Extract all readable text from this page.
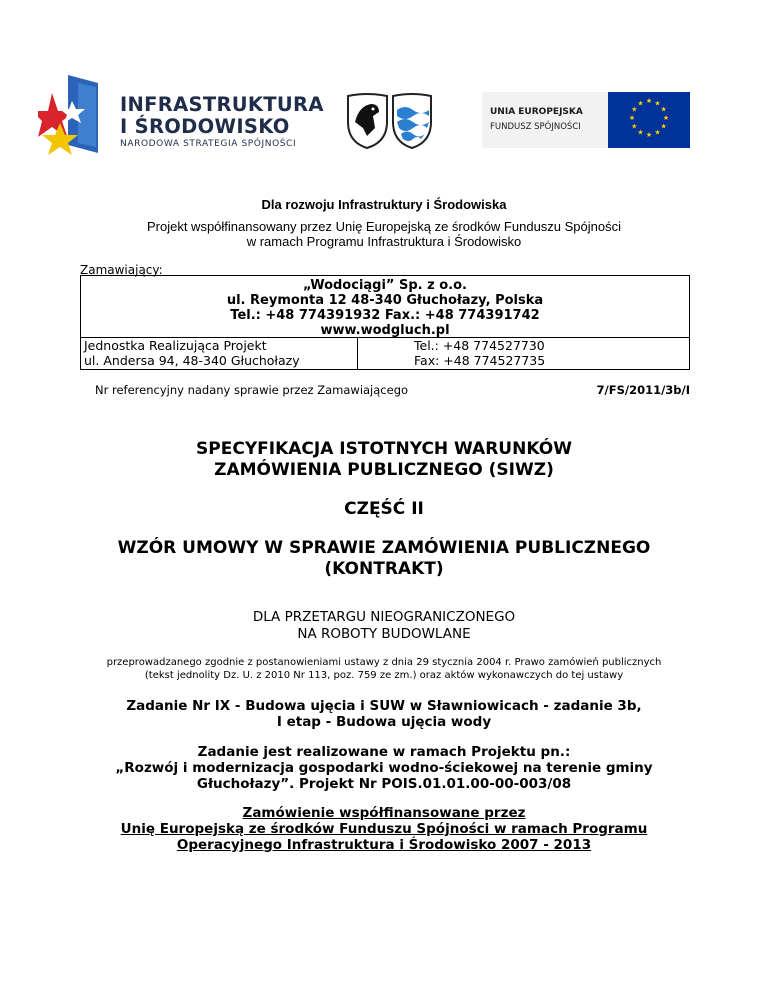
INFRASTRUKTURA
I ŚRODOWISKO
NARODOWA STRATEGIA SPÓJNOŚCI
UNIA EUROPEJSKA
FUNDUSZ SPÓJNOŚCI
★ ★
★
★
★
★
★
★
★
★
★
★
Dla rozwoju Infrastruktury i Środowiska
Projekt współfinansowany przez Unię Europejską ze środków Funduszu Spójności
w ramach Programu Infrastruktura i Środowisko
Zamawiający:
„Wodociągi” Sp. z o.o.
ul. Reymonta 12 48-340 Głuchołazy, Polska
Tel.: +48 774391932 Fax.: +48 774391742
www.wodgluch.pl
Jednostka Realizująca Projekt
ul. Andersa 94, 48-340 Głuchołazy
Tel.: +48 774527730
Fax: +48 774527735
Nr referencyjny nadany sprawie przez Zamawiającego	7/FS/2011/3b/I
SPECYFIKACJA ISTOTNYCH WARUNKÓW
ZAMÓWIENIA PUBLICZNEGO (SIWZ)
CZĘŚĆ II
WZÓR UMOWY W SPRAWIE ZAMÓWIENIA PUBLICZNEGO
(KONTRAKT)
DLA PRZETARGU NIEOGRANICZONEGO
NA ROBOTY BUDOWLANE
przeprowadzanego zgodnie z postanowieniami ustawy z dnia 29 stycznia 2004 r. Prawo zamówień publicznych
(tekst jednolity Dz. U. z 2010 Nr 113, poz. 759 ze zm.) oraz aktów wykonawczych do tej ustawy
Zadanie Nr IX - Budowa ujęcia i SUW w Sławniowicach - zadanie 3b,
I etap - Budowa ujęcia wody
Zadanie jest realizowane w ramach Projektu pn.:
„Rozwój i modernizacja gospodarki wodno-ściekowej na terenie gminy
Głuchołazy”. Projekt Nr POIS.01.01.00-00-003/08
Zamówienie współfinansowane przez
Unię Europejską ze środków Funduszu Spójności w ramach Programu
Operacyjnego Infrastruktura i Środowisko 2007 - 2013
